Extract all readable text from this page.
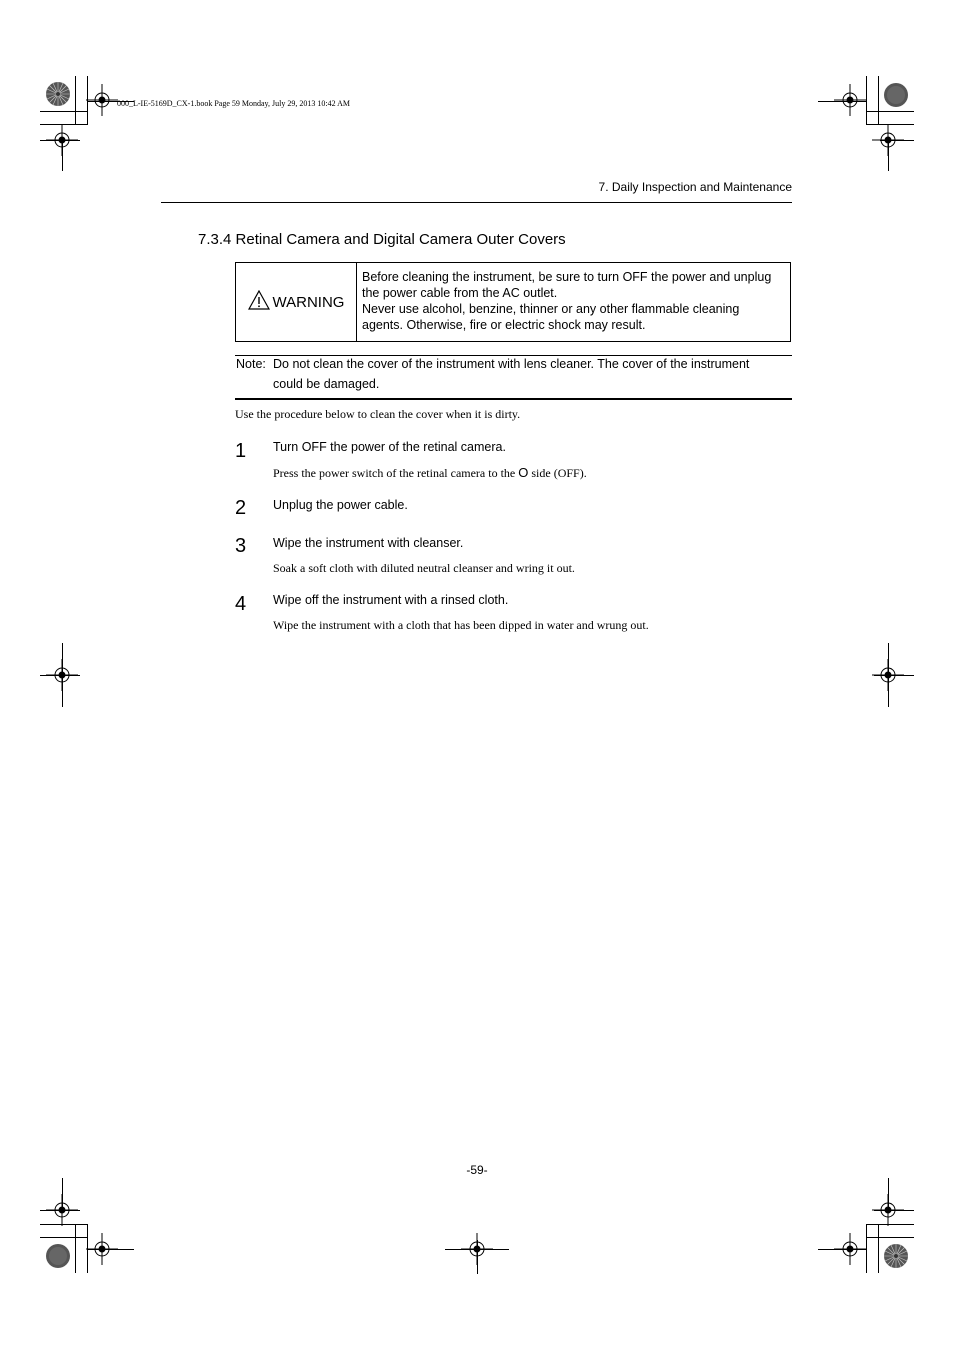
000_L-IE-5169D_CX-1.book Page 59 Monday, July 29, 2013 10:42 AM
7. Daily Inspection and Maintenance
7.3.4 Retinal Camera and Digital Camera Outer Covers
WARNING
Before cleaning the instrument, be sure to turn OFF the power and unplug
the power cable from the AC outlet.
Never use alcohol, benzine, thinner or any other flammable cleaning
agents. Otherwise, fire or electric shock may result.
Note: Do not clean the cover of the instrument with lens cleaner. The cover of the instrument
could be damaged.
Use the procedure below to clean the cover when it is dirty.
1 Turn OFF the power of the retinal camera.
Press the power switch of the retinal camera to the O side (OFF).
2 Unplug the power cable.
3 Wipe the instrument with cleanser.
Soak a soft cloth with diluted neutral cleanser and wring it out.
4 Wipe off the instrument with a rinsed cloth.
Wipe the instrument with a cloth that has been dipped in water and wrung out.
-59-
